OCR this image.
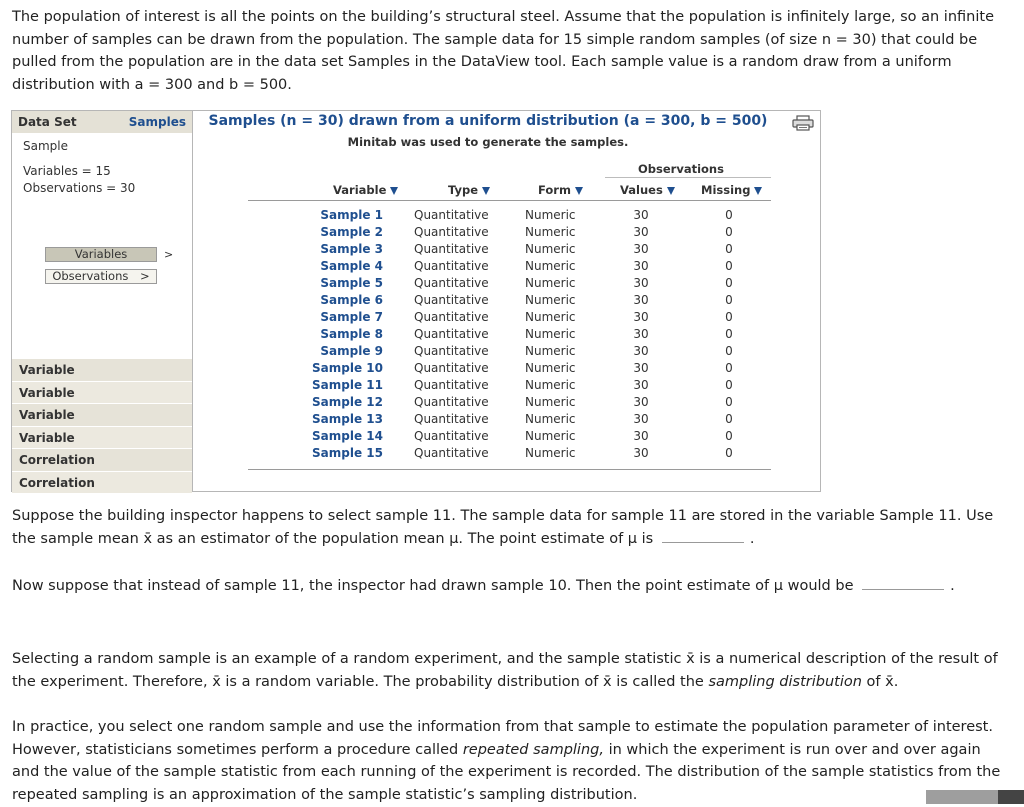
The population of interest is all the points on the building’s structural steel. Assume that the population is infinitely large, so an infinite number of samples can be drawn from the population. The sample data for 15 simple random samples (of size n = 30) that could be pulled from the population are in the data set Samples in the DataView tool. Each sample value is a random draw from a uniform distribution with a = 300 and b = 500.

Data Set	Samples
Sample
Variables = 15
Observations = 30
Variables	>
Observations >
Variable
Variable
Variable
Variable
Correlation
Correlation
Samples (n = 30) drawn from a uniform distribution (a = 300, b = 500)
Minitab was used to generate the samples.
Observations
Variable	Type	Form	Values	Missing
Sample 1	Quantitative	Numeric	30	0
Sample 2	Quantitative	Numeric	30	0
Sample 3	Quantitative	Numeric	30	0
Sample 4	Quantitative	Numeric	30	0
Sample 5	Quantitative	Numeric	30	0
Sample 6	Quantitative	Numeric	30	0
Sample 7	Quantitative	Numeric	30	0
Sample 8	Quantitative	Numeric	30	0
Sample 9	Quantitative	Numeric	30	0
Sample 10	Quantitative	Numeric	30	0
Sample 11	Quantitative	Numeric	30	0
Sample 12	Quantitative	Numeric	30	0
Sample 13	Quantitative	Numeric	30	0
Sample 14	Quantitative	Numeric	30	0
Sample 15	Quantitative	Numeric	30	0

Suppose the building inspector happens to select sample 11. The sample data for sample 11 are stored in the variable Sample 11. Use the sample mean x̄ as an estimator of the population mean μ. The point estimate of μ is	.

Now suppose that instead of sample 11, the inspector had drawn sample 10. Then the point estimate of μ would be	.

Selecting a random sample is an example of a random experiment, and the sample statistic x̄ is a numerical description of the result of the experiment. Therefore, x̄ is a random variable. The probability distribution of x̄ is called the sampling distribution of x̄.

In practice, you select one random sample and use the information from that sample to estimate the population parameter of interest. However, statisticians sometimes perform a procedure called repeated sampling, in which the experiment is run over and over again and the value of the sample statistic from each running of the experiment is recorded. The distribution of the sample statistics from the repeated sampling is an approximation of the sample statistic’s sampling distribution.
